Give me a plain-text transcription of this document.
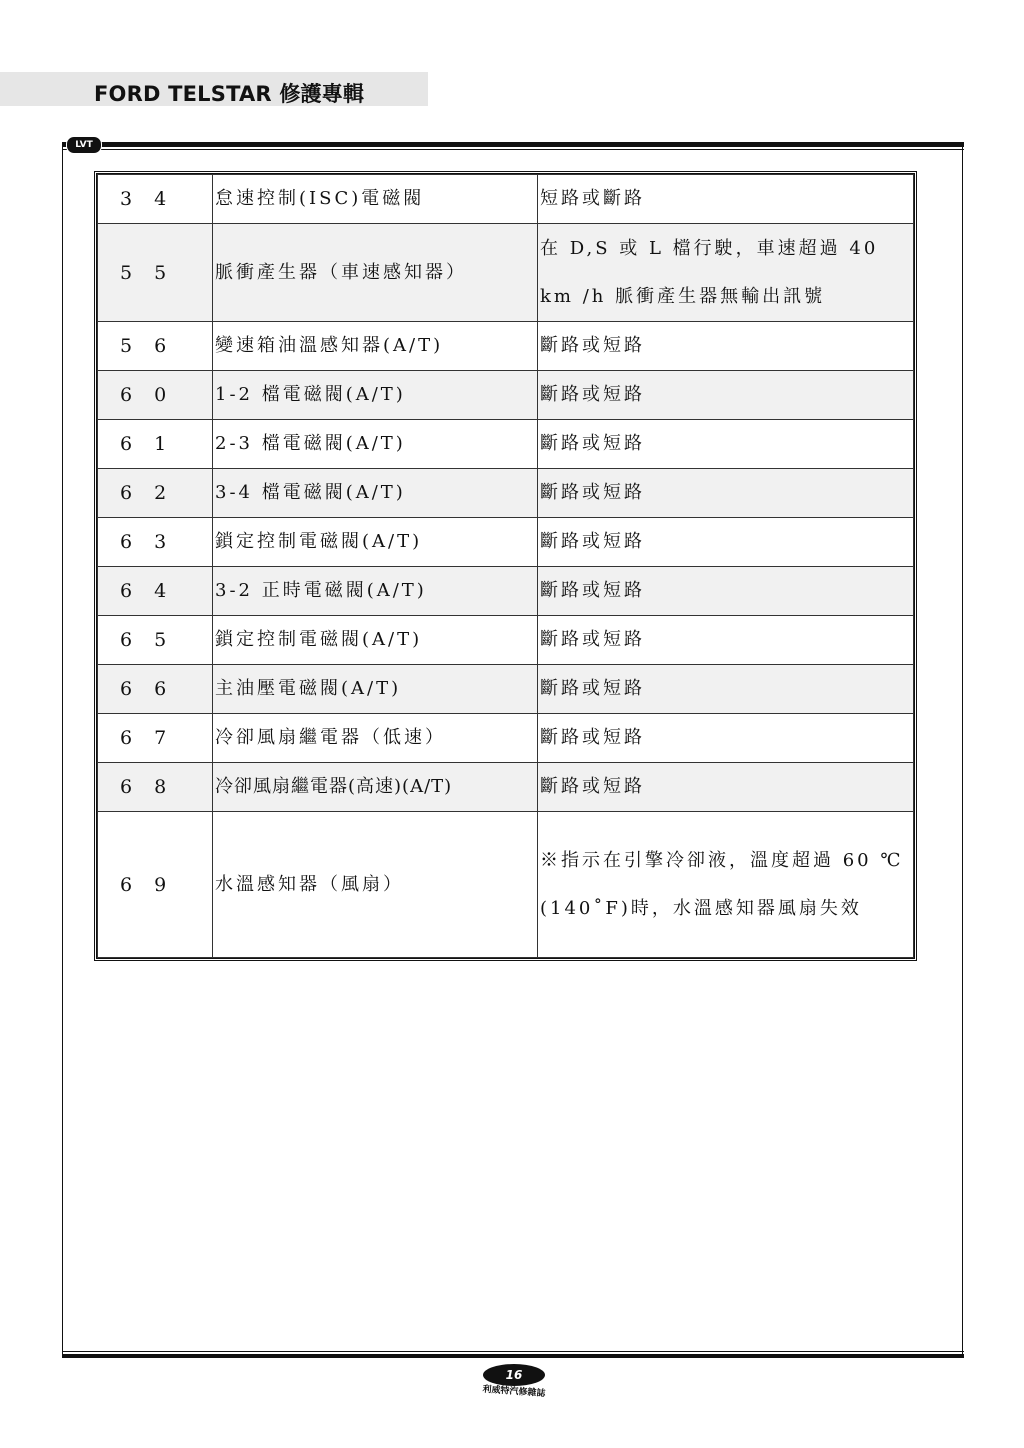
FORD TELSTAR 修護專輯
LVT
3 4	怠速控制(ISC)電磁閥	短路或斷路
5 5	脈衝產生器（車速感知器）	在 D,S 或 L 檔行駛，車速超過 40 km /h 脈衝產生器無輸出訊號
5 6	變速箱油溫感知器(A/T)	斷路或短路
6 0	1-2 檔電磁閥(A/T)	斷路或短路
6 1	2-3 檔電磁閥(A/T)	斷路或短路
6 2	3-4 檔電磁閥(A/T)	斷路或短路
6 3	鎖定控制電磁閥(A/T)	斷路或短路
6 4	3-2 正時電磁閥(A/T)	斷路或短路
6 5	鎖定控制電磁閥(A/T)	斷路或短路
6 6	主油壓電磁閥(A/T)	斷路或短路
6 7	冷卻風扇繼電器（低速）	斷路或短路
6 8	冷卻風扇繼電器(高速)(A/T)	斷路或短路
6 9	水溫感知器（風扇）	※指示在引擎冷卻液，溫度超過 60 ℃ (140˚F)時，水溫感知器風扇失效
16
利威特汽修雜誌
